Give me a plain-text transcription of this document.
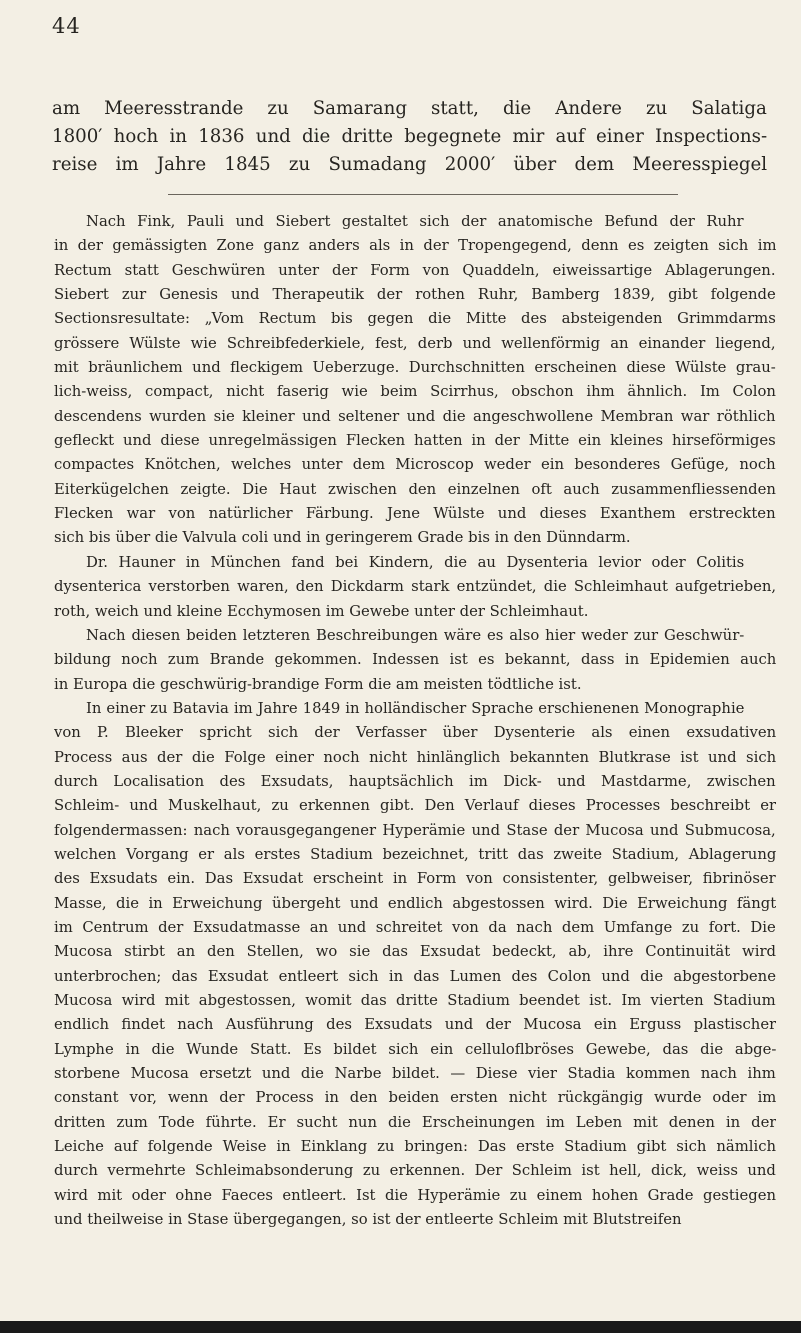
44
am Meeresstrande zu Samarang statt, die Andere zu Salatiga
1800′ hoch in 1836 und die dritte begegnete mir auf einer Inspections-
reise im Jahre 1845 zu Sumadang 2000′ über dem Meeresspiegel
Nach Fink, Pauli und Siebert gestaltet sich der anatomische Befund der Ruhr
in der gemässigten Zone ganz anders als in der Tropengegend, denn es zeigten sich im
Rectum statt Geschwüren unter der Form von Quaddeln, eiweissartige Ablagerungen.
Siebert zur Genesis und Therapeutik der rothen Ruhr, Bamberg 1839, gibt folgende
Sectionsresultate: „Vom Rectum bis gegen die Mitte des absteigenden Grimmdarms
grössere Wülste wie Schreibfederkiele, fest, derb und wellenförmig an einander liegend,
mit bräunlichem und fleckigem Ueberzuge. Durchschnitten erscheinen diese Wülste grau-
lich-weiss, compact, nicht faserig wie beim Scirrhus, obschon ihm ähnlich. Im Colon
descendens wurden sie kleiner und seltener und die angeschwollene Membran war röthlich
gefleckt und diese unregelmässigen Flecken hatten in der Mitte ein kleines hirseförmiges
compactes Knötchen, welches unter dem Microscop weder ein besonderes Gefüge, noch
Eiterkügelchen zeigte. Die Haut zwischen den einzelnen oft auch zusammenfliessenden
Flecken war von natürlicher Färbung. Jene Wülste und dieses Exanthem erstreckten
sich bis über die Valvula coli und in geringerem Grade bis in den Dünndarm.
Dr. Hauner in München fand bei Kindern, die au Dysenteria levior oder Colitis
dysenterica verstorben waren, den Dickdarm stark entzündet, die Schleimhaut aufgetrieben,
roth, weich und kleine Ecchymosen im Gewebe unter der Schleimhaut.
Nach diesen beiden letzteren Beschreibungen wäre es also hier weder zur Geschwür-
bildung noch zum Brande gekommen. Indessen ist es bekannt, dass in Epidemien auch
in Europa die geschwürig-brandige Form die am meisten tödtliche ist.
In einer zu Batavia im Jahre 1849 in holländischer Sprache erschienenen Monographie
von P. Bleeker spricht sich der Verfasser über Dysenterie als einen exsudativen
Process aus der die Folge einer noch nicht hinlänglich bekannten Blutkrase ist und sich
durch Localisation des Exsudats, hauptsächlich im Dick- und Mastdarme, zwischen
Schleim- und Muskelhaut, zu erkennen gibt. Den Verlauf dieses Processes beschreibt er
folgendermassen: nach vorausgegangener Hyperämie und Stase der Mucosa und Submucosa,
welchen Vorgang er als erstes Stadium bezeichnet, tritt das zweite Stadium, Ablagerung
des Exsudats ein. Das Exsudat erscheint in Form von consistenter, gelbweiser, fibrinöser
Masse, die in Erweichung übergeht und endlich abgestossen wird. Die Erweichung fängt
im Centrum der Exsudatmasse an und schreitet von da nach dem Umfange zu fort. Die
Mucosa stirbt an den Stellen, wo sie das Exsudat bedeckt, ab, ihre Continuität wird
unterbrochen; das Exsudat entleert sich in das Lumen des Colon und die abgestorbene
Mucosa wird mit abgestossen, womit das dritte Stadium beendet ist. Im vierten Stadium
endlich findet nach Ausführung des Exsudats und der Mucosa ein Erguss plastischer
Lymphe in die Wunde Statt. Es bildet sich ein celluloflbröses Gewebe, das die abge-
storbene Mucosa ersetzt und die Narbe bildet. — Diese vier Stadia kommen nach ihm
constant vor, wenn der Process in den beiden ersten nicht rückgängig wurde oder im
dritten zum Tode führte. Er sucht nun die Erscheinungen im Leben mit denen in der
Leiche auf folgende Weise in Einklang zu bringen: Das erste Stadium gibt sich nämlich
durch vermehrte Schleimabsonderung zu erkennen. Der Schleim ist hell, dick, weiss und
wird mit oder ohne Faeces entleert. Ist die Hyperämie zu einem hohen Grade gestiegen
und theilweise in Stase übergegangen, so ist der entleerte Schleim mit Blutstreifen
